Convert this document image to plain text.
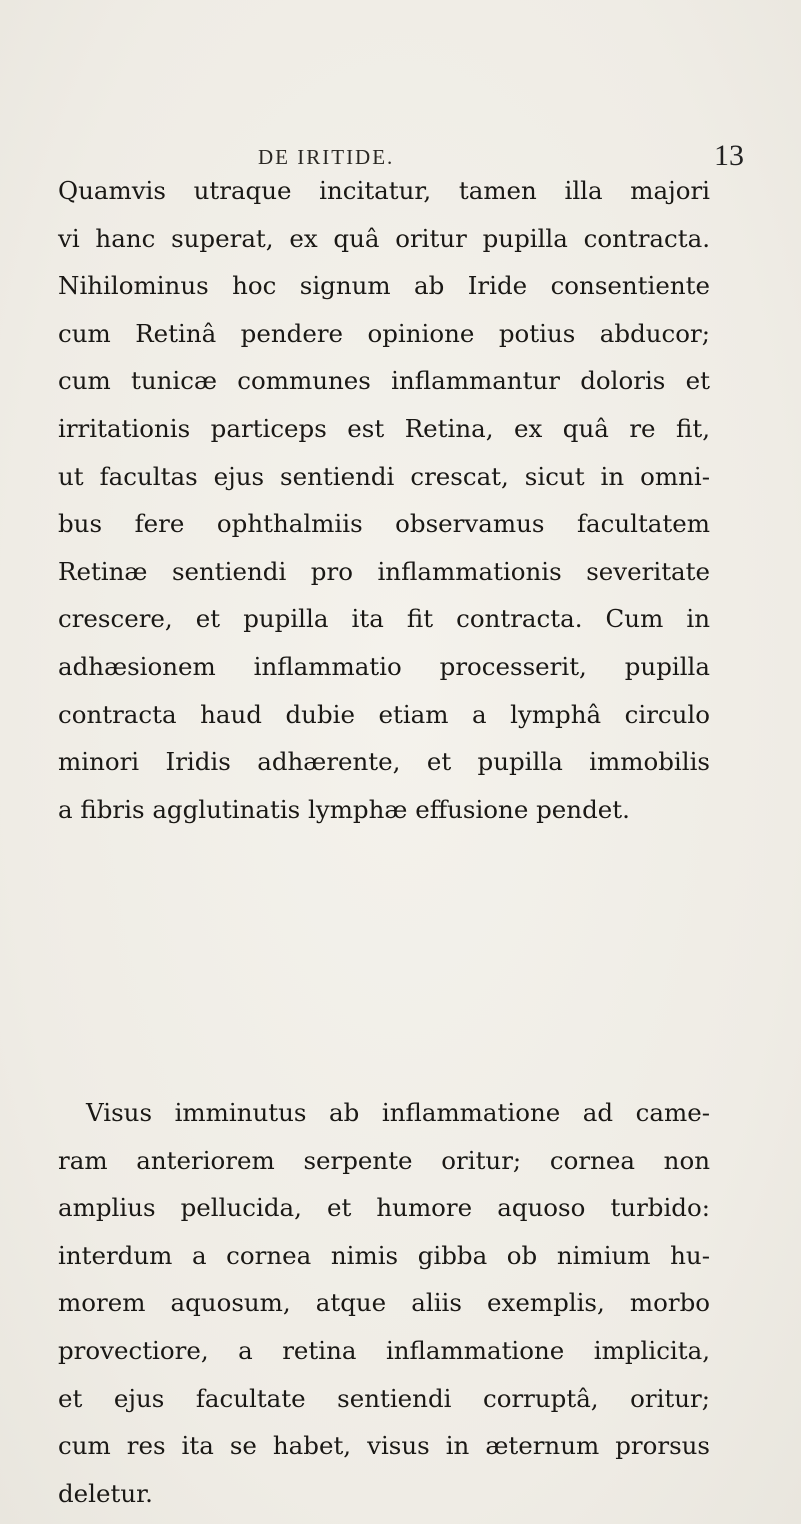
DE IRITIDE.	13
Quamvis utraque incitatur, tamen illa majori
vi hanc superat, ex quâ oritur pupilla contracta.
Nihilominus hoc signum ab Iride consentiente
cum Retinâ pendere opinione potius abducor;
cum tunicæ communes inflammantur doloris et
irritationis particeps est Retina, ex quâ re fit,
ut facultas ejus sentiendi crescat, sicut in omni-
bus fere ophthalmiis observamus facultatem
Retinæ sentiendi pro inflammationis severitate
crescere, et pupilla ita fit contracta. Cum in
adhæsionem inflammatio processerit, pupilla
contracta haud dubie etiam a lymphâ circulo
minori Iridis adhærente, et pupilla immobilis
a fibris agglutinatis lymphæ effusione pendet.
Visus imminutus ab inflammatione ad came-
ram anteriorem serpente oritur; cornea non
amplius pellucida, et humore aquoso turbido:
interdum a cornea nimis gibba ob nimium hu-
morem aquosum, atque aliis exemplis, morbo
provectiore, a retina inflammatione implicita,
et ejus facultate sentiendi corruptâ, oritur;
cum res ita se habet, visus in æternum prorsus
deletur.
